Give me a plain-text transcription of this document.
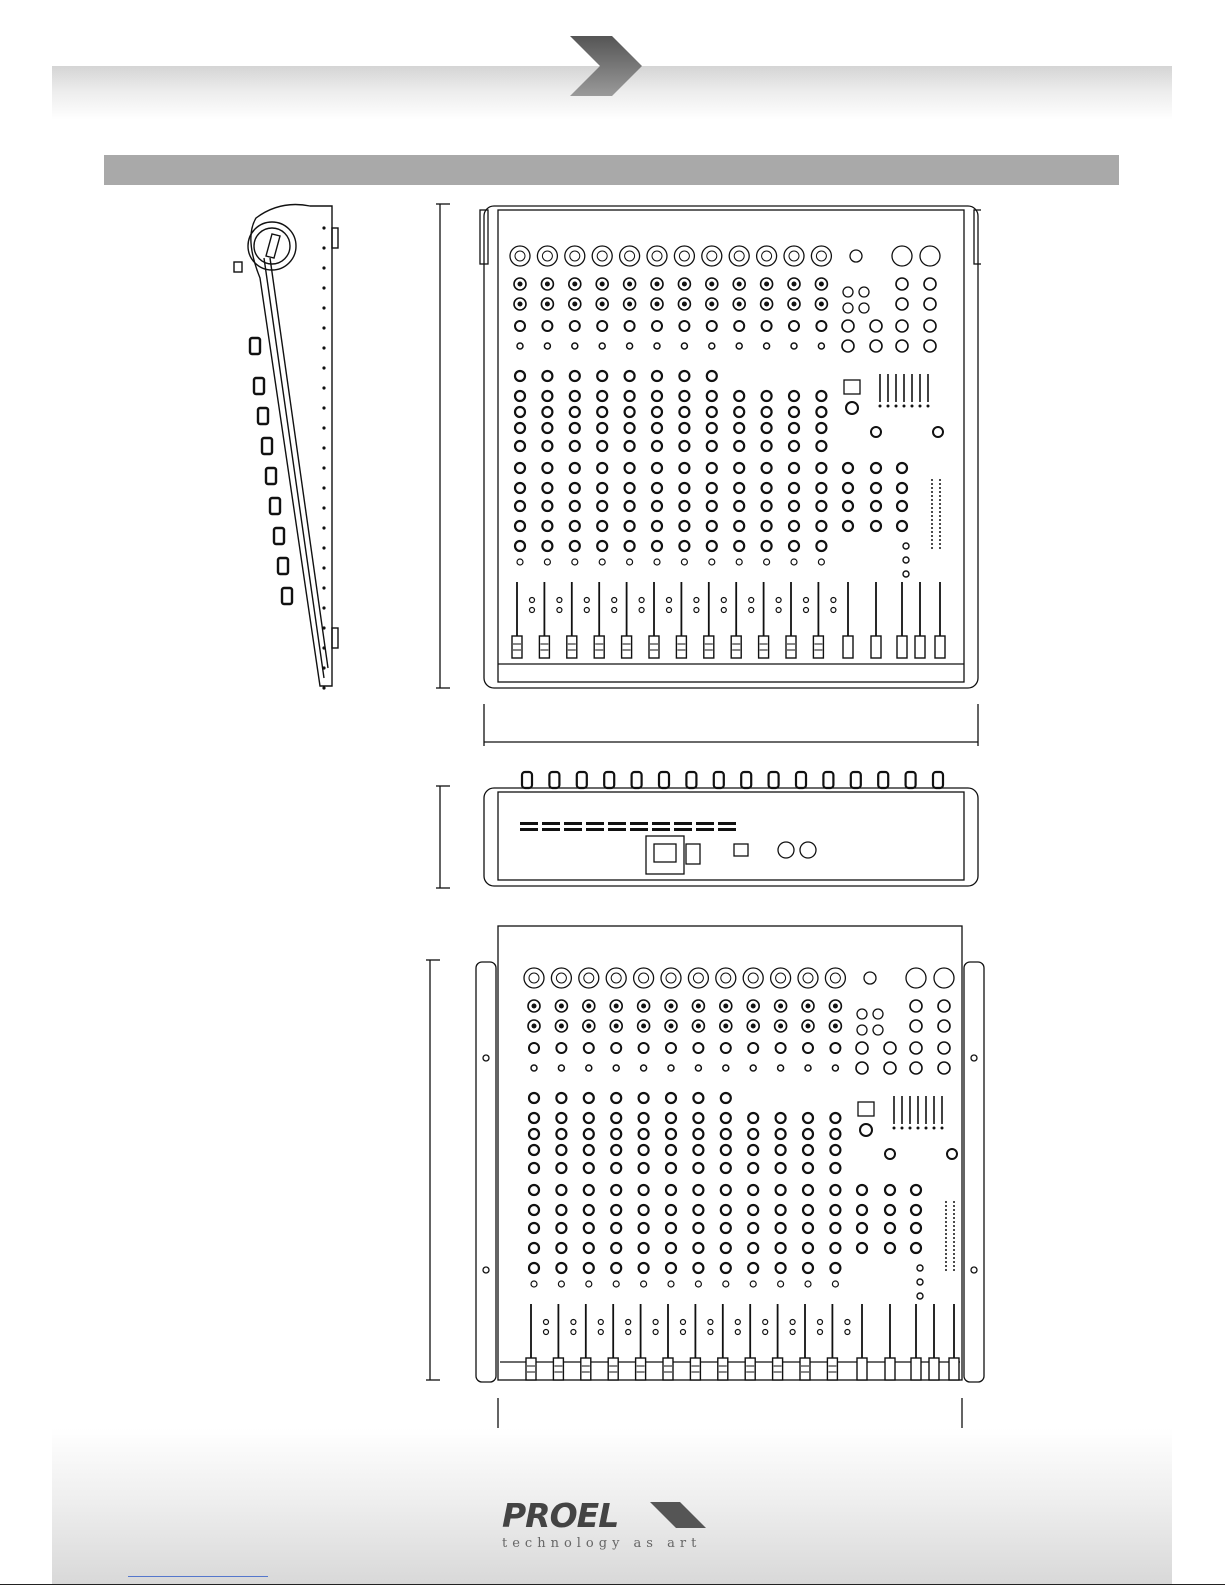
PROEL
technology as art
